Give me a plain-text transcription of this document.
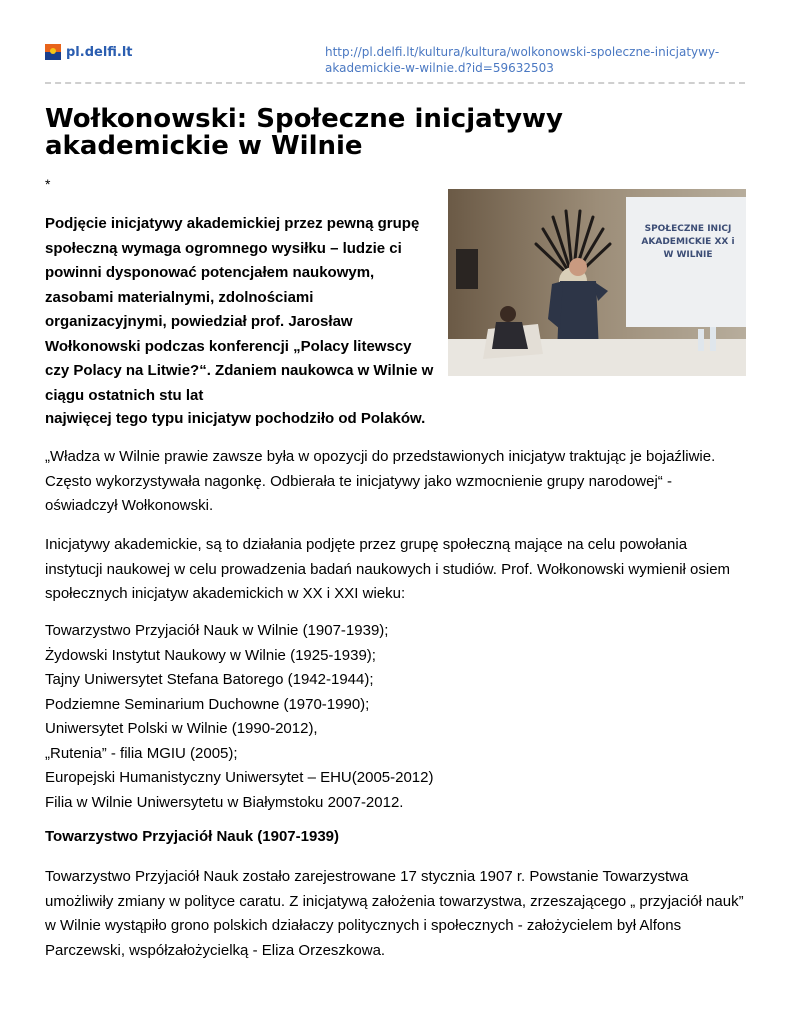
pl.delfi.lt	http://pl.delfi.lt/kultura/kultura/wolkonowski-spoleczne-inicjatywy-akademickie-w-wilnie.d?id=59632503
Wołkonowski: Społeczne inicjatywy akademickie w Wilnie
*
SPOŁECZNE INICJ
AKADEMICKIE XX i
W WILNIE

Podjęcie inicjatywy akademickiej przez pewną grupę społeczną wymaga ogromnego wysiłku – ludzie ci powinni dysponować potencjałem naukowym, zasobami materialnymi, zdolnościami organizacyjnymi, powiedział prof. Jarosław Wołkonowski podczas konferencji „Polacy litewscy czy Polacy na Litwie?“. Zdaniem naukowca w Wilnie w ciągu ostatnich stu lat

najwięcej tego typu inicjatyw pochodziło od Polaków.

„Władza w Wilnie prawie zawsze była w opozycji do przedstawionych inicjatyw traktując je bojaźliwie. Często wykorzystywała nagonkę. Odbierała te inicjatywy jako wzmocnienie grupy narodowej“ - oświadczył Wołkonowski.

Inicjatywy akademickie, są to działania podjęte przez grupę społeczną mające na celu powołania instytucji naukowej w celu prowadzenia badań naukowych i studiów. Prof. Wołkonowski wymienił osiem społecznych inicjatyw akademickich w XX i XXI wieku:

Towarzystwo Przyjaciół Nauk w Wilnie (1907-1939);
Żydowski Instytut Naukowy w Wilnie (1925-1939);
Tajny Uniwersytet Stefana Batorego (1942-1944);
Podziemne Seminarium Duchowne (1970-1990);
Uniwersytet Polski w Wilnie (1990-2012),
„Rutenia” - filia MGIU (2005);
Europejski Humanistyczny Uniwersytet – EHU(2005-2012)
Filia w Wilnie Uniwersytetu w Białymstoku 2007-2012.
Towarzystwo Przyjaciół Nauk (1907-1939)

Towarzystwo Przyjaciół Nauk zostało zarejestrowane 17 stycznia 1907 r. Powstanie Towarzystwa umożliwiły zmiany w polityce caratu. Z inicjatywą założenia towarzystwa, zrzeszającego „ przyjaciół nauk” w Wilnie wystąpiło grono polskich działaczy politycznych i społecznych - założycielem był Alfons Parczewski, współzałożycielką - Eliza Orzeszkowa.
